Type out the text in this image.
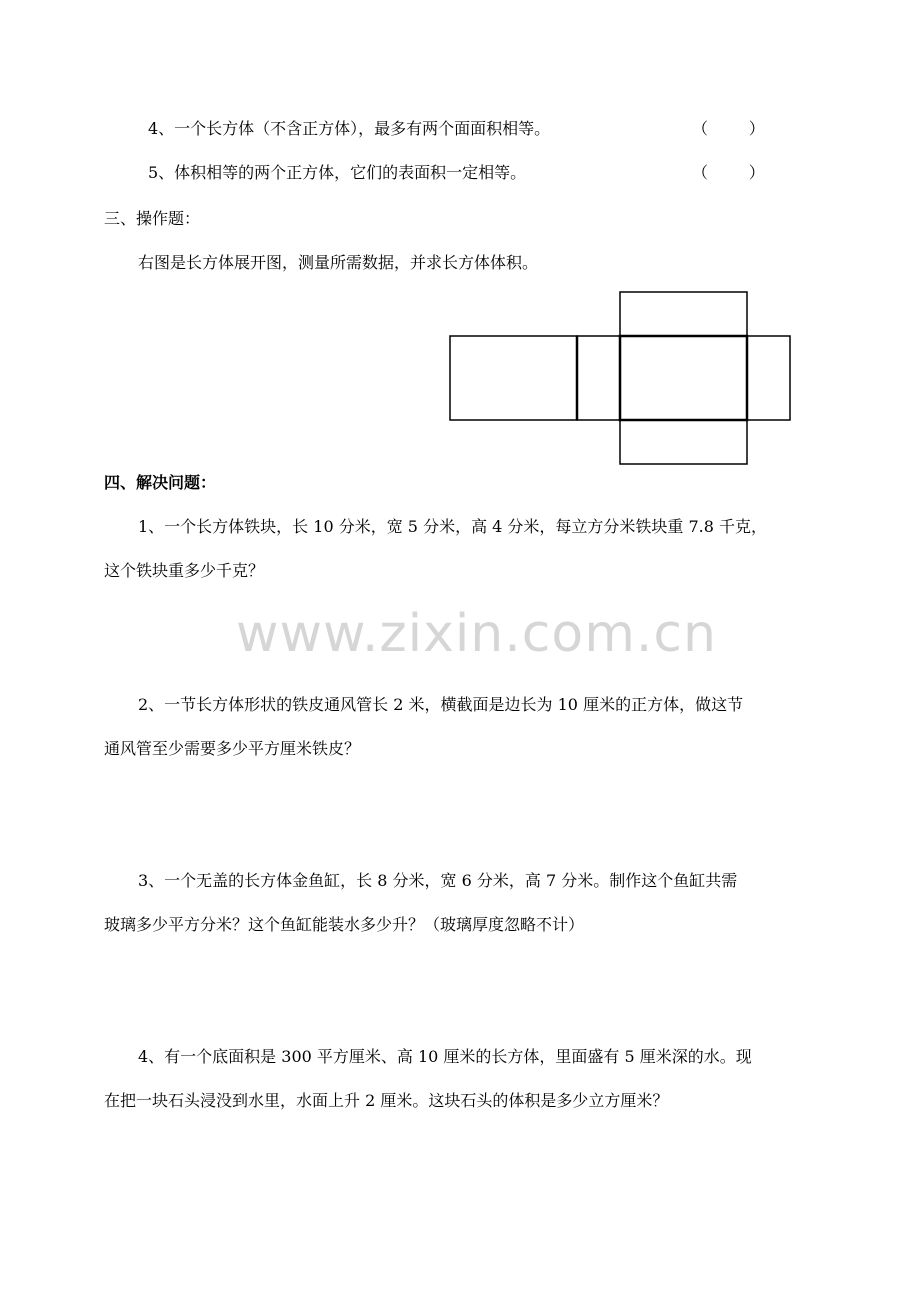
4、一个长方体（不含正方体），最多有两个面面积相等。	（        ）
5、体积相等的两个正方体，它们的表面积一定相等。	（        ）
三、操作题：
右图是长方体展开图，测量所需数据，并求长方体体积。
四、解决问题：
1、一个长方体铁块，长 10 分米，宽 5 分米，高 4 分米，每立方分米铁块重 7.8 千克，
这个铁块重多少千克？
www.zixin.com.cn
2、一节长方体形状的铁皮通风管长 2 米，横截面是边长为 10 厘米的正方体，做这节
通风管至少需要多少平方厘米铁皮？
3、一个无盖的长方体金鱼缸，长 8 分米，宽 6 分米，高 7 分米。制作这个鱼缸共需
玻璃多少平方分米？这个鱼缸能装水多少升？（玻璃厚度忽略不计）
4、有一个底面积是 300 平方厘米、高 10 厘米的长方体，里面盛有 5 厘米深的水。现
在把一块石头浸没到水里，水面上升 2 厘米。这块石头的体积是多少立方厘米？
